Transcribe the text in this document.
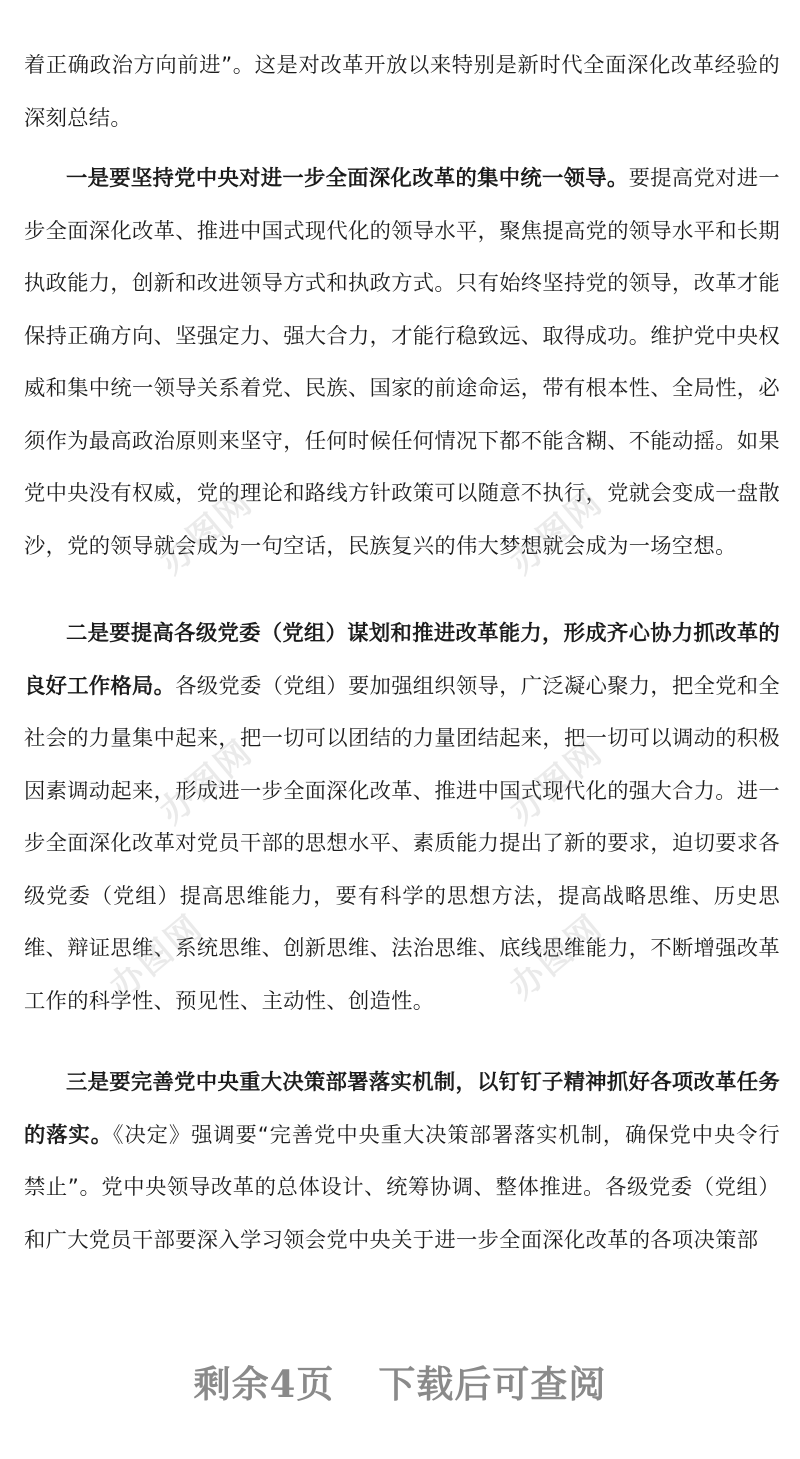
着正确政治方向前进”。这是对改革开放以来特别是新时代全面深化改革经验的深刻总结。

一是要坚持党中央对进一步全面深化改革的集中统一领导。要提高党对进一步全面深化改革、推进中国式现代化的领导水平，聚焦提高党的领导水平和长期执政能力，创新和改进领导方式和执政方式。只有始终坚持党的领导，改革才能保持正确方向、坚强定力、强大合力，才能行稳致远、取得成功。维护党中央权威和集中统一领导关系着党、民族、国家的前途命运，带有根本性、全局性，必须作为最高政治原则来坚守，任何时候任何情况下都不能含糊、不能动摇。如果党中央没有权威，党的理论和路线方针政策可以随意不执行，党就会变成一盘散沙，党的领导就会成为一句空话，民族复兴的伟大梦想就会成为一场空想。

二是要提高各级党委（党组）谋划和推进改革能力，形成齐心协力抓改革的良好工作格局。各级党委（党组）要加强组织领导，广泛凝心聚力，把全党和全社会的力量集中起来，把一切可以团结的力量团结起来，把一切可以调动的积极因素调动起来，形成进一步全面深化改革、推进中国式现代化的强大合力。进一步全面深化改革对党员干部的思想水平、素质能力提出了新的要求，迫切要求各级党委（党组）提高思维能力，要有科学的思想方法，提高战略思维、历史思维、辩证思维、系统思维、创新思维、法治思维、底线思维能力，不断增强改革工作的科学性、预见性、主动性、创造性。

三是要完善党中央重大决策部署落实机制，以钉钉子精神抓好各项改革任务的落实。《决定》强调要“完善党中央重大决策部署落实机制，确保党中央令行禁止”。党中央领导改革的总体设计、统筹协调、整体推进。各级党委（党组）和广大党员干部要深入学习领会党中央关于进一步全面深化改革的各项决策部

办图网	办图网
办图网	办图网
办图网	办图网
剩余4页 下载后可查阅
